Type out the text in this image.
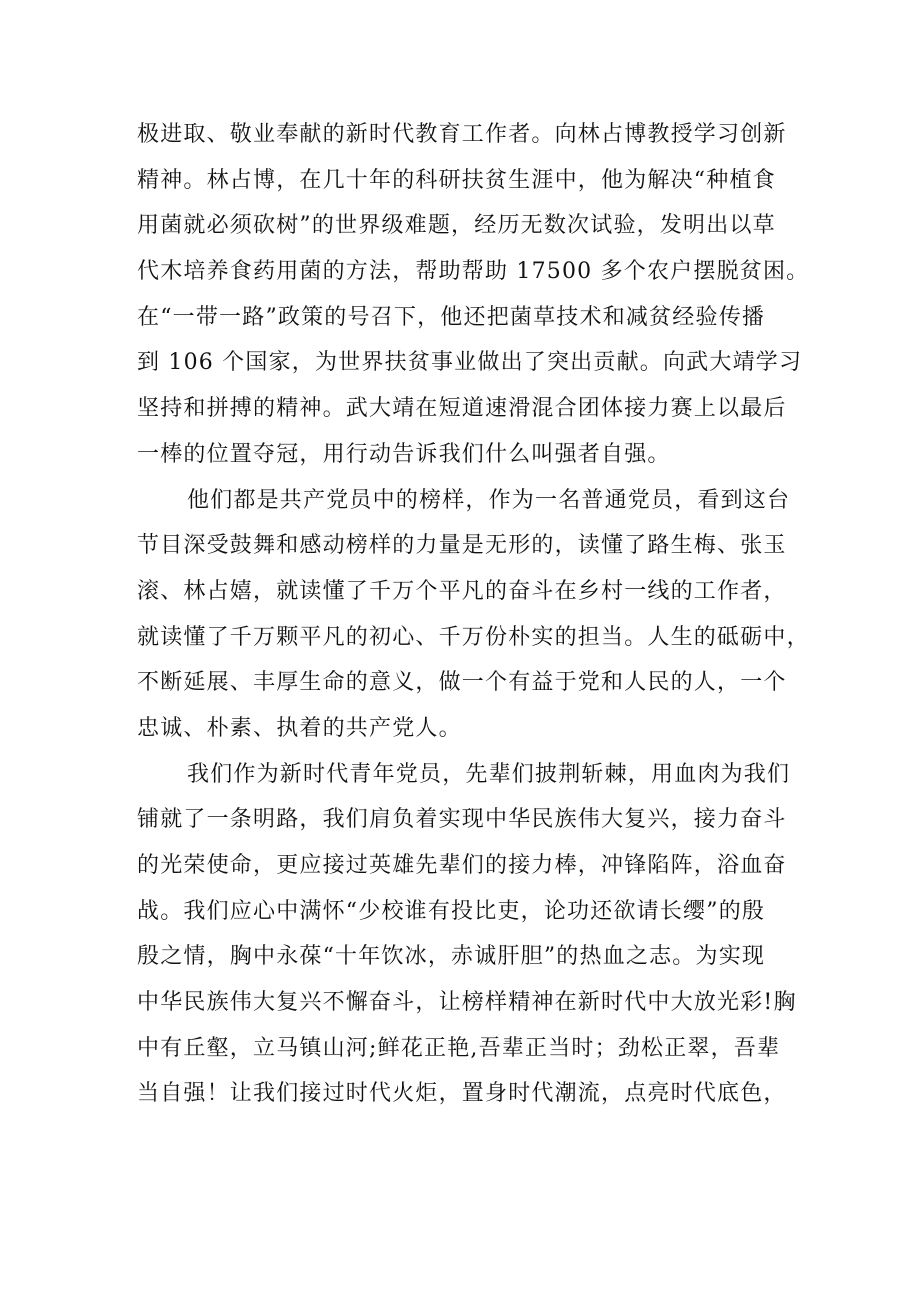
极进取、敬业奉献的新时代教育工作者。向林占博教授学习创新
精神。林占博，在几十年的科研扶贫生涯中，他为解决“种植食
用菌就必须砍树”的世界级难题，经历无数次试验，发明出以草
代木培养食药用菌的方法，帮助帮助 17500 多个农户摆脱贫困。
在“一带一路”政策的号召下，他还把菌草技术和减贫经验传播
到 106 个国家，为世界扶贫事业做出了突出贡献。向武大靖学习
坚持和拼搏的精神。武大靖在短道速滑混合团体接力赛上以最后
一棒的位置夺冠，用行动告诉我们什么叫强者自强。
他们都是共产党员中的榜样，作为一名普通党员，看到这台
节目深受鼓舞和感动榜样的力量是无形的，读懂了路生梅、张玉
滚、林占嬉，就读懂了千万个平凡的奋斗在乡村一线的工作者，
就读懂了千万颗平凡的初心、千万份朴实的担当。人生的砥砺中，
不断延展、丰厚生命的意义，做一个有益于党和人民的人，一个
忠诚、朴素、执着的共产党人。
我们作为新时代青年党员，先辈们披荆斩棘，用血肉为我们
铺就了一条明路，我们肩负着实现中华民族伟大复兴，接力奋斗
的光荣使命，更应接过英雄先辈们的接力棒，冲锋陷阵，浴血奋
战。我们应心中满怀“少校谁有投比吏，论功还欲请长缨”的殷
殷之情，胸中永葆“十年饮冰，赤诚肝胆”的热血之志。为实现
中华民族伟大复兴不懈奋斗，让榜样精神在新时代中大放光彩!胸
中有丘壑，立马镇山河;鲜花正艳,吾辈正当时；劲松正翠，吾辈
当自强！让我们接过时代火炬，置身时代潮流，点亮时代底色，
